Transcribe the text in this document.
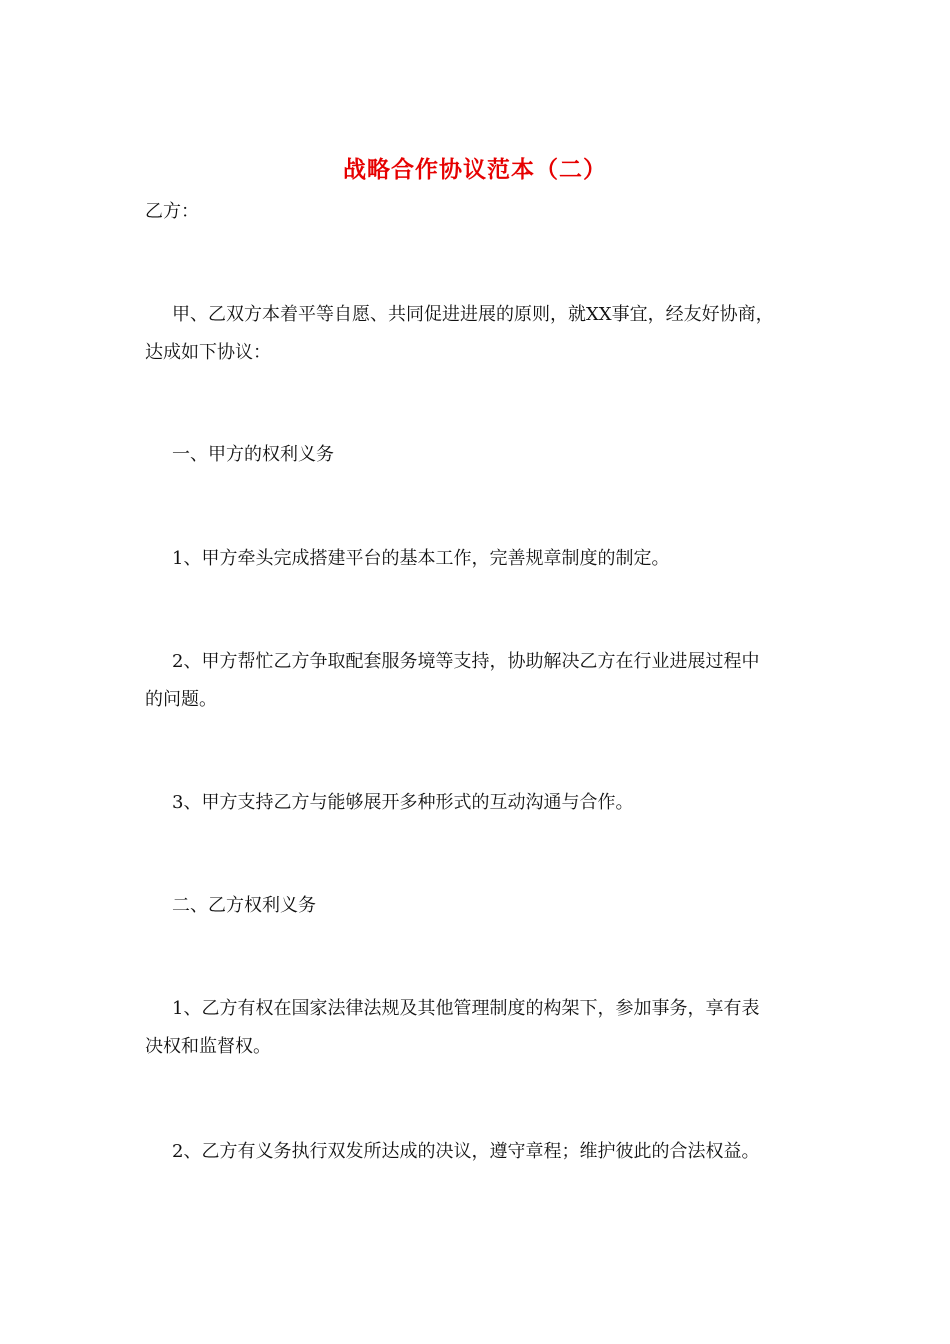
战略合作协议范本（二）
乙方：
甲、乙双方本着平等自愿、共同促进进展的原则，就XX事宜，经友好协商，
达成如下协议：
一、甲方的权利义务
1、甲方牵头完成搭建平台的基本工作，完善规章制度的制定。
2、甲方帮忙乙方争取配套服务境等支持，协助解决乙方在行业进展过程中
的问题。
3、甲方支持乙方与能够展开多种形式的互动沟通与合作。
二、乙方权利义务
1、乙方有权在国家法律法规及其他管理制度的构架下，参加事务，享有表
决权和监督权。
2、乙方有义务执行双发所达成的决议，遵守章程；维护彼此的合法权益。
